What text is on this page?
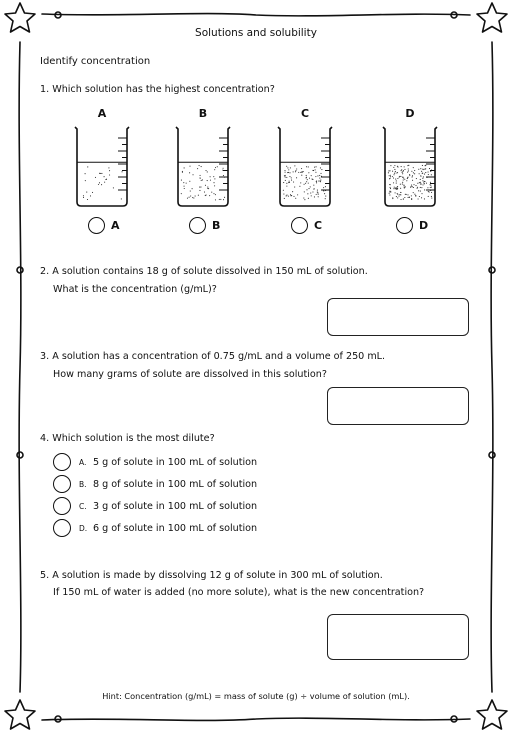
Solutions and solubility
Identify concentration
1. Which solution has the highest concentration?
A
A
B
B
C
C
D
D
2. A solution contains 18 g of solute dissolved in 150 mL of solution.
What is the concentration (g/mL)?
3. A solution has a concentration of 0.75 g/mL and a volume of 250 mL.
How many grams of solute are dissolved in this solution?
4. Which solution is the most dilute?
A. 5 g of solute in 100 mL of solution
B. 8 g of solute in 100 mL of solution
C. 3 g of solute in 100 mL of solution
D. 6 g of solute in 100 mL of solution
5. A solution is made by dissolving 12 g of solute in 300 mL of solution.
If 150 mL of water is added (no more solute), what is the new concentration?
Hint: Concentration (g/mL) = mass of solute (g) ÷ volume of solution (mL).
